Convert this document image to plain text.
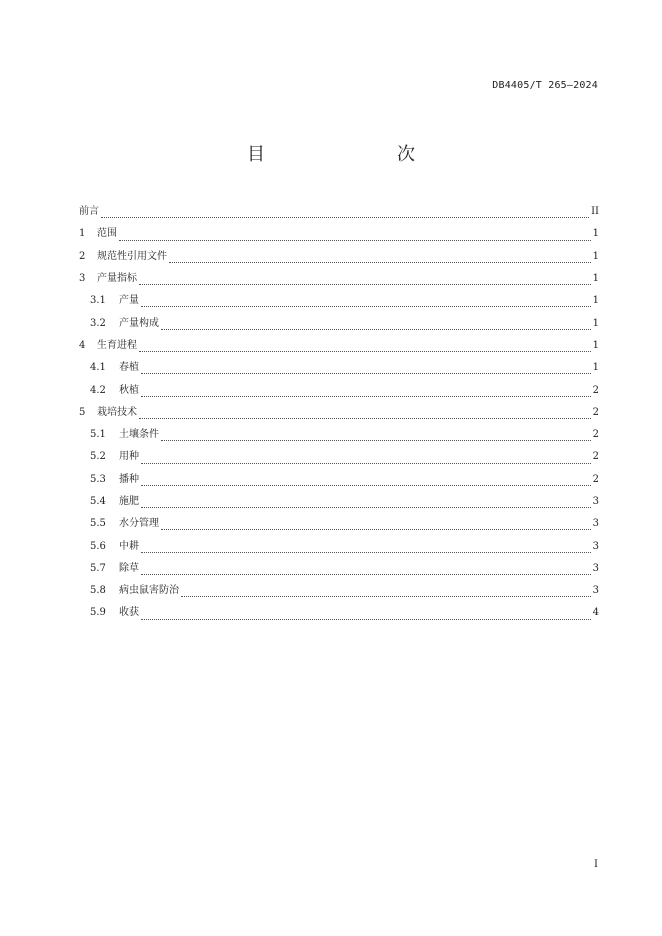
DB4405/T 265—2024
目　　次
前言	II
1	范围	1
2	规范性引用文件	1
3	产量指标	1
3.1	产量	1
3.2	产量构成	1
4	生育进程	1
4.1	春植	1
4.2	秋植	2
5	栽培技术	2
5.1	土壤条件	2
5.2	用种	2
5.3	播种	2
5.4	施肥	3
5.5	水分管理	3
5.6	中耕	3
5.7	除草	3
5.8	病虫鼠害防治	3
5.9	收获	4
I
